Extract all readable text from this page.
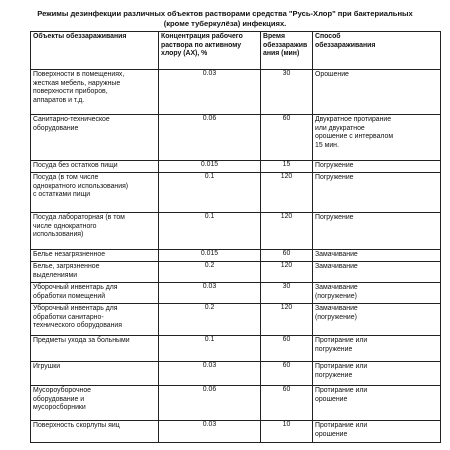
Режимы дезинфекции различных объектов растворами средства "Русь-Хлор" при бактериальных
(кроме туберкулёза) инфекциях.
Объекты обеззараживания	Концентрация рабочего
раствора по активному
хлору (АХ), %	Время
обеззаражив
ания (мин)	Способ
обеззараживания

Поверхности в помещениях,
жесткая мебель, наружные
поверхности приборов,
аппаратов и т.д.	0.03	30	Орошение

Санитарно-техническое
оборудование	0.06	60	Двукратное протирание
или двукратное
орошение с интервалом
15 мин.

Посуда без остатков пищи	0.015	15	Погружение

Посуда (в том числе
однократного использования)
с остатками пищи	0.1	120	Погружение

Посуда лабораторная (в том
числе однократного
использования)	0.1	120	Погружение

Белье незагрязненное	0.015	60	Замачивание

Белье, загрязненное
выделениями	0.2	120	Замачивание

Уборочный инвентарь для
обработки помещений	0.03	30	Замачивание
(погружение)

Уборочный инвентарь для
обработки санитарно-
технического оборудования	0.2	120	Замачивание
(погружение)

Предметы ухода за больными	0.1	60	Протирание или
погружение

Игрушки	0.03	60	Протирание или
погружение

Мусороуборочное
оборудование и
мусоросборники	0.06	60	Протирание или
орошение

Поверхность скорлупы яиц	0.03	10	Протирание или
орошение
